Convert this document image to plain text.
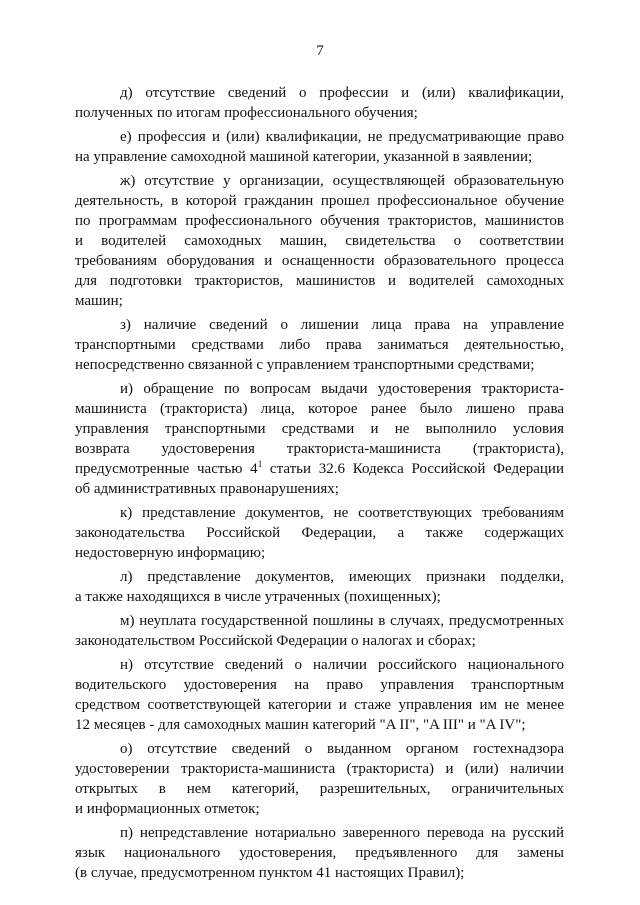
7
д) отсутствие сведений о профессии и (или) квалификации,
полученных по итогам профессионального обучения;
е) профессия и (или) квалификации, не предусматривающие право
на управление самоходной машиной категории, указанной в заявлении;
ж) отсутствие у организации, осуществляющей образовательную
деятельность, в которой гражданин прошел профессиональное обучение
по программам профессионального обучения трактористов, машинистов
и водителей самоходных машин, свидетельства о соответствии
требованиям оборудования и оснащенности образовательного процесса
для подготовки трактористов, машинистов и водителей самоходных
машин;
з) наличие сведений о лишении лица права на управление
транспортными средствами либо права заниматься деятельностью,
непосредственно связанной с управлением транспортными средствами;
и) обращение по вопросам выдачи удостоверения тракториста-
машиниста (тракториста) лица, которое ранее было лишено права
управления транспортными средствами и не выполнило условия
возврата удостоверения тракториста-машиниста (тракториста),
предусмотренные частью $4^1$ статьи 32.6 Кодекса Российской Федерации
об административных правонарушениях;
к) представление документов, не соответствующих требованиям
законодательства Российской Федерации, а также содержащих
недостоверную информацию;
л) представление документов, имеющих признаки подделки,
а также находящихся в числе утраченных (похищенных);
м) неуплата государственной пошлины в случаях, предусмотренных
законодательством Российской Федерации о налогах и сборах;
н) отсутствие сведений о наличии российского национального
водительского удостоверения на право управления транспортным
средством соответствующей категории и стаже управления им не менее
12 месяцев - для самоходных машин категорий "A II", "A III" и "A IV";
о) отсутствие сведений о выданном органом гостехнадзора
удостоверении тракториста-машиниста (тракториста) и (или) наличии
открытых в нем категорий, разрешительных, ограничительных
и информационных отметок;
п) непредставление нотариально заверенного перевода на русский
язык национального удостоверения, предъявленного для замены
(в случае, предусмотренном пунктом 41 настоящих Правил);
